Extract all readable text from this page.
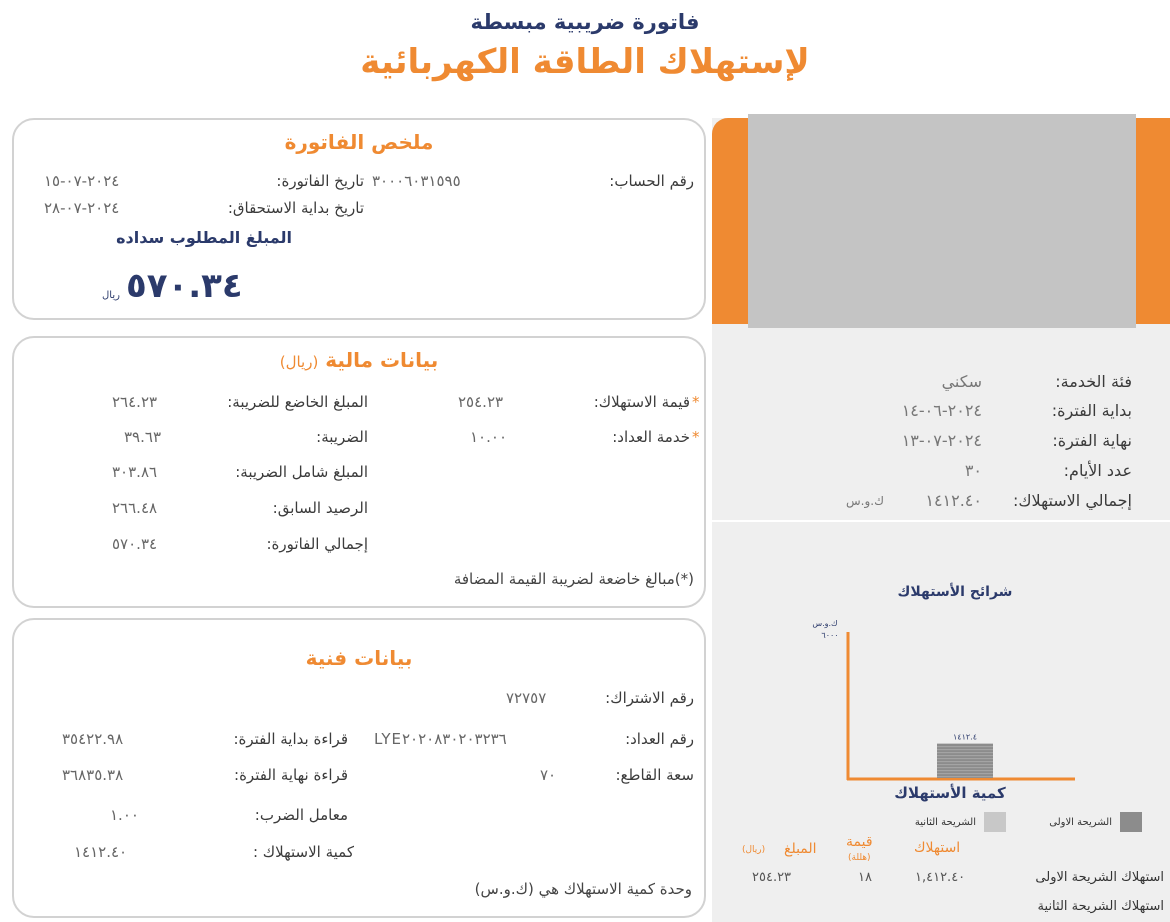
فاتورة ضريبية مبسطة
لإستهلاك الطاقة الكهربائية
فئة الخدمة:
سكني
بداية الفترة:
٢٠٢٤-٠٦-١٤
نهاية الفترة:
٢٠٢٤-٠٧-١٣
عدد الأيام:
٣٠
إجمالي الاستهلاك:
١٤١٢.٤٠
ك.و.س
شرائح الأستهلاك
ك.و.س
٦٠٠٠
١٤١٢.٤
كمية الأستهلاك
الشريحة الاولى
الشريحة الثانية
استهلاك
قيمة
(هللة)
المبلغ
(ريال)
استهلاك الشريحة الاولى
١,٤١٢.٤٠
١٨
٢٥٤.٢٣
استهلاك الشريحة الثانية
ملخص الفاتورة
رقم الحساب:
٣٠٠٠٦٠٣١٥٩٥
تاريخ الفاتورة:
٢٠٢٤-٠٧-١٥
تاريخ بداية الاستحقاق:
٢٠٢٤-٠٧-٢٨
المبلغ المطلوب سداده
٥٧٠.٣٤
ريال
بيانات مالية (ريال)
*
قيمة الاستهلاك:
٢٥٤.٢٣
المبلغ الخاضع للضريبة:
٢٦٤.٢٣
*
خدمة العداد:
١٠.٠٠
الضريبة:
٣٩.٦٣
المبلغ شامل الضريبة:
٣٠٣.٨٦
الرصيد السابق:
٢٦٦.٤٨
إجمالي الفاتورة:
٥٧٠.٣٤
(*)مبالغ خاضعة لضريبة القيمة المضافة
بيانات فنية
رقم الاشتراك:
٧٢٧٥٧
رقم العداد:
LYE٢٠٢٠٨٣٠٢٠٣٢٣٦
سعة القاطع:
٧٠
قراءة بداية الفترة:
٣٥٤٢٢.٩٨
قراءة نهاية الفترة:
٣٦٨٣٥.٣٨
معامل الضرب:
١.٠٠
كمية الاستهلاك :
١٤١٢.٤٠
وحدة كمية الاستهلاك هي (ك.و.س)
